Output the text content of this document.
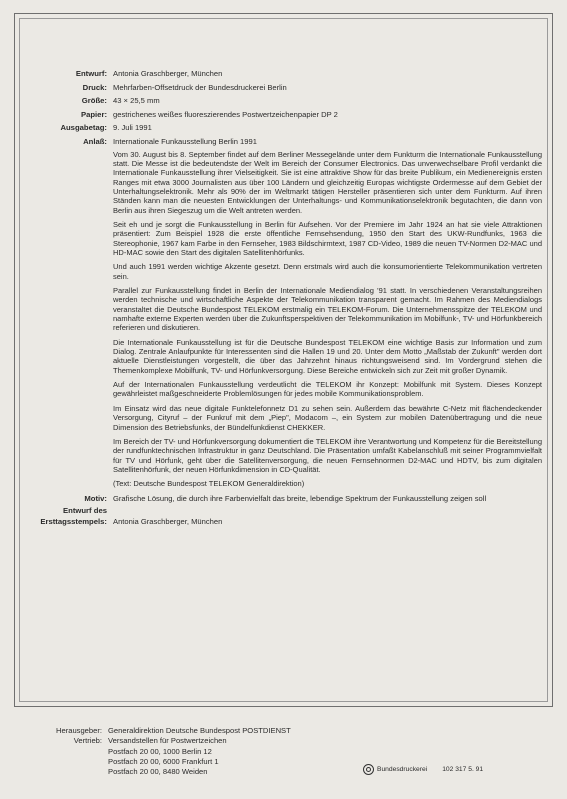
Entwurf: Antonia Graschberger, München
Druck: Mehrfarben-Offsetdruck der Bundesdruckerei Berlin
Größe: 43 × 25,5 mm
Papier: gestrichenes weißes fluoreszierendes Postwertzeichenpapier DP 2
Ausgabetag: 9. Juli 1991
Anlaß: Internationale Funkausstellung Berlin 1991

Vom 30. August bis 8. September findet auf dem Berliner Messegelände unter dem Funkturm die Internationale Funkausstellung statt. Die Messe ist die bedeutendste der Welt im Bereich der Consumer Electronics. Das unverwechselbare Profil verdankt die Internationale Funkausstellung ihrer Vielseitigkeit. Sie ist eine attraktive Show für das breite Publikum, ein Medienereignis ersten Ranges mit etwa 3000 Journalisten aus über 100 Ländern und gleichzeitig Europas wichtigste Ordermesse auf dem Gebiet der Unterhaltungselektronik. Mehr als 90% der im Weltmarkt tätigen Hersteller präsentieren sich unter dem Funkturm. Auf ihren Ständen kann man die neuesten Entwicklungen der Unterhaltungs- und Kommunikationselektronik begutachten, die dann von Berlin aus ihren Siegeszug um die Welt antreten werden.

Seit eh und je sorgt die Funkausstellung in Berlin für Aufsehen. Vor der Premiere im Jahr 1924 an hat sie viele Attraktionen präsentiert: Zum Beispiel 1928 die erste öffentliche Fernsehsendung, 1950 den Start des UKW-Rundfunks, 1963 die Stereophonie, 1967 kam Farbe in den Fernseher, 1983 Bildschirmtext, 1987 CD-Video, 1989 die neuen TV-Normen D2-MAC und HD-MAC sowie den Start des digitalen Satellitenhörfunks.

Und auch 1991 werden wichtige Akzente gesetzt. Denn erstmals wird auch die konsumorientierte Telekommunikation vertreten sein.

Parallel zur Funkausstellung findet in Berlin der Internationale Mediendialog '91 statt. In verschiedenen Veranstaltungsreihen werden technische und wirtschaftliche Aspekte der Telekommunikation transparent gemacht. Im Rahmen des Mediendialogs veranstaltet die Deutsche Bundespost TELEKOM erstmalig ein TELEKOM-Forum. Die Unternehmensspitze der TELEKOM und namhafte externe Experten werden über die Zukunftsperspektiven der Telekommunikation im Mobilfunk-, TV- und Hörfunkbereich referieren und diskutieren.

Die Internationale Funkausstellung ist für die Deutsche Bundespost TELEKOM eine wichtige Basis zur Information und zum Dialog. Zentrale Anlaufpunkte für Interessenten sind die Hallen 19 und 20. Unter dem Motto „Maßstab der Zukunft" werden dort aktuelle Dienstleistungen vorgestellt, die über das Jahrzehnt hinaus richtungsweisend sind. Im Vordergrund stehen die Themenkomplexe Mobilfunk, TV- und Hörfunkversorgung. Diese Bereiche entwickeln sich zur Zeit mit großer Dynamik.

Auf der Internationalen Funkausstellung verdeutlicht die TELEKOM ihr Konzept: Mobilfunk mit System. Dieses Konzept gewährleistet maßgeschneiderte Problemlösungen für jedes mobile Kommunikationsproblem.

Im Einsatz wird das neue digitale Funktelefonnetz D1 zu sehen sein. Außerdem das bewährte C-Netz mit flächendeckender Versorgung, Cityruf – der Funkruf mit dem „Piep", Modacom –, ein System zur mobilen Datenübertragung und die neue Dimension des Betriebsfunks, der Bündelfunkdienst CHEKKER.

Im Bereich der TV- und Hörfunkversorgung dokumentiert die TELEKOM ihre Verantwortung und Kompetenz für die Bereitstellung der rundfunktechnischen Infrastruktur in ganz Deutschland. Die Präsentation umfaßt Kabelanschluß mit seiner Programmvielfalt für TV und Hörfunk, geht über die Satellitenversorgung, die neuen Fernsehnormen D2-MAC und HDTV, bis zum digitalen Satellitenhörfunk, der neuen Hörfunkdimension in CD-Qualität.

(Text: Deutsche Bundespost TELEKOM Generaldirektion)

Motiv: Grafische Lösung, die durch ihre Farbenvielfalt das breite, lebendige Spektrum der Funkausstellung zeigen soll
Entwurf des
Ersttagsstempels: Antonia Graschberger, München
Herausgeber: Generaldirektion Deutsche Bundespost POSTDIENST
Vertrieb: Versandstellen für Postwertzeichen
Postfach 20 00, 1000 Berlin 12
Postfach 20 00, 6000 Frankfurt 1
Postfach 20 00, 8480 Weiden	Bundesdruckerei 102 317 5. 91
